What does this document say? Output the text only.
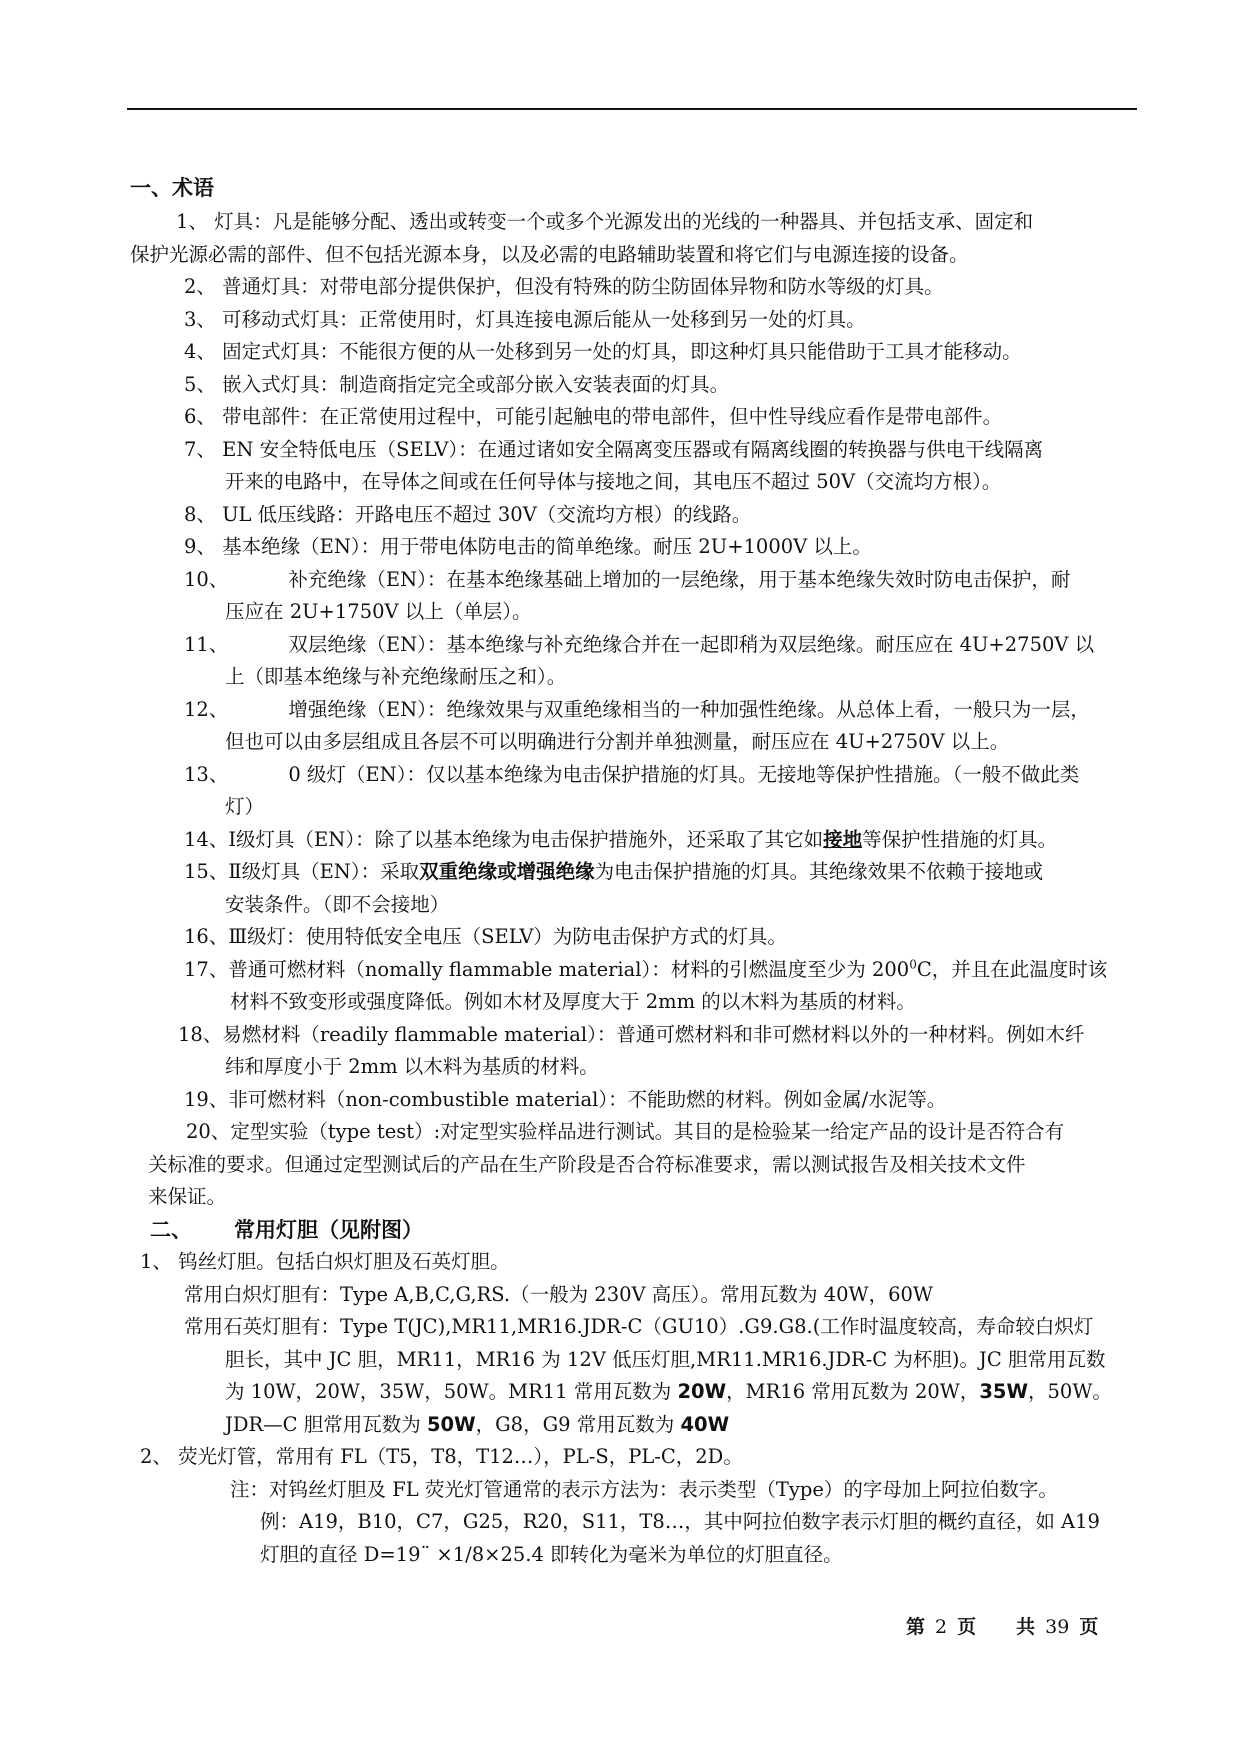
一、术语
1、 灯具：凡是能够分配、透出或转变一个或多个光源发出的光线的一种器具、并包括支承、固定和
保护光源必需的部件、但不包括光源本身，以及必需的电路辅助装置和将它们与电源连接的设备。
2、 普通灯具：对带电部分提供保护，但没有特殊的防尘防固体异物和防水等级的灯具。
3、 可移动式灯具：正常使用时，灯具连接电源后能从一处移到另一处的灯具。
4、 固定式灯具：不能很方便的从一处移到另一处的灯具，即这种灯具只能借助于工具才能移动。
5、 嵌入式灯具：制造商指定完全或部分嵌入安装表面的灯具。
6、 带电部件：在正常使用过程中，可能引起触电的带电部件，但中性导线应看作是带电部件。
7、 EN 安全特低电压（SELV）：在通过诸如安全隔离变压器或有隔离线圈的转换器与供电干线隔离
开来的电路中，在导体之间或在任何导体与接地之间，其电压不超过 50V（交流均方根）。
8、 UL 低压线路：开路电压不超过 30V（交流均方根）的线路。
9、 基本绝缘（EN）：用于带电体防电击的简单绝缘。耐压 2U+1000V 以上。
10、	补充绝缘（EN）：在基本绝缘基础上增加的一层绝缘，用于基本绝缘失效时防电击保护，耐
压应在 2U+1750V 以上（单层）。
11、	双层绝缘（EN）：基本绝缘与补充绝缘合并在一起即稍为双层绝缘。耐压应在 4U+2750V 以
上（即基本绝缘与补充绝缘耐压之和）。
12、	增强绝缘（EN）：绝缘效果与双重绝缘相当的一种加强性绝缘。从总体上看，一般只为一层，
但也可以由多层组成且各层不可以明确进行分割并单独测量，耐压应在 4U+2750V 以上。
13、	0 级灯（EN）：仅以基本绝缘为电击保护措施的灯具。无接地等保护性措施。（一般不做此类
灯）
14、Ⅰ级灯具（EN）：除了以基本绝缘为电击保护措施外，还采取了其它如接地等保护性措施的灯具。
15、Ⅱ级灯具（EN）：采取双重绝缘或增强绝缘为电击保护措施的灯具。其绝缘效果不依赖于接地或
安装条件。（即不会接地）
16、Ⅲ级灯：使用特低安全电压（SELV）为防电击保护方式的灯具。
17、普通可燃材料（nomally flammable material）：材料的引燃温度至少为 $200^0C$，并且在此温度时该
材料不致变形或强度降低。例如木材及厚度大于 2mm 的以木料为基质的材料。
18、易燃材料（readily flammable material）：普通可燃材料和非可燃材料以外的一种材料。例如木纤
纬和厚度小于 2mm 以木料为基质的材料。
19、非可燃材料（non-combustible material）：不能助燃的材料。例如金属/水泥等。
20、定型实验（type test）:对定型实验样品进行测试。其目的是检验某一给定产品的设计是否符合有
关标准的要求。但通过定型测试后的产品在生产阶段是否合符标准要求，需以测试报告及相关技术文件
来保证。
二、 常用灯胆（见附图）
1、 钨丝灯胆。包括白炽灯胆及石英灯胆。
常用白炽灯胆有：Type A,B,C,G,RS.（一般为 230V 高压）。常用瓦数为 40W，60W
常用石英灯胆有：Type T(JC),MR11,MR16.JDR-C（GU10）.G9.G8.(工作时温度较高，寿命较白炽灯
胆长，其中 JC 胆，MR11，MR16 为 12V 低压灯胆,MR11.MR16.JDR-C 为杯胆)。JC 胆常用瓦数
为 10W，20W，35W，50W。MR11 常用瓦数为 20W，MR16 常用瓦数为 20W，35W，50W。
JDR—C 胆常用瓦数为 50W，G8，G9 常用瓦数为 40W
2、 荧光灯管，常用有 FL（T5，T8，T12…），PL-S，PL-C，2D。
注：对钨丝灯胆及 FL 荧光灯管通常的表示方法为：表示类型（Type）的字母加上阿拉伯数字。
例：A19，B10，C7，G25，R20，S11，T8…，其中阿拉伯数字表示灯胆的概约直径，如 A19
灯胆的直径 D=19¨ ×1/8×25.4 即转化为毫米为单位的灯胆直径。
第 2 页 共 39 页
